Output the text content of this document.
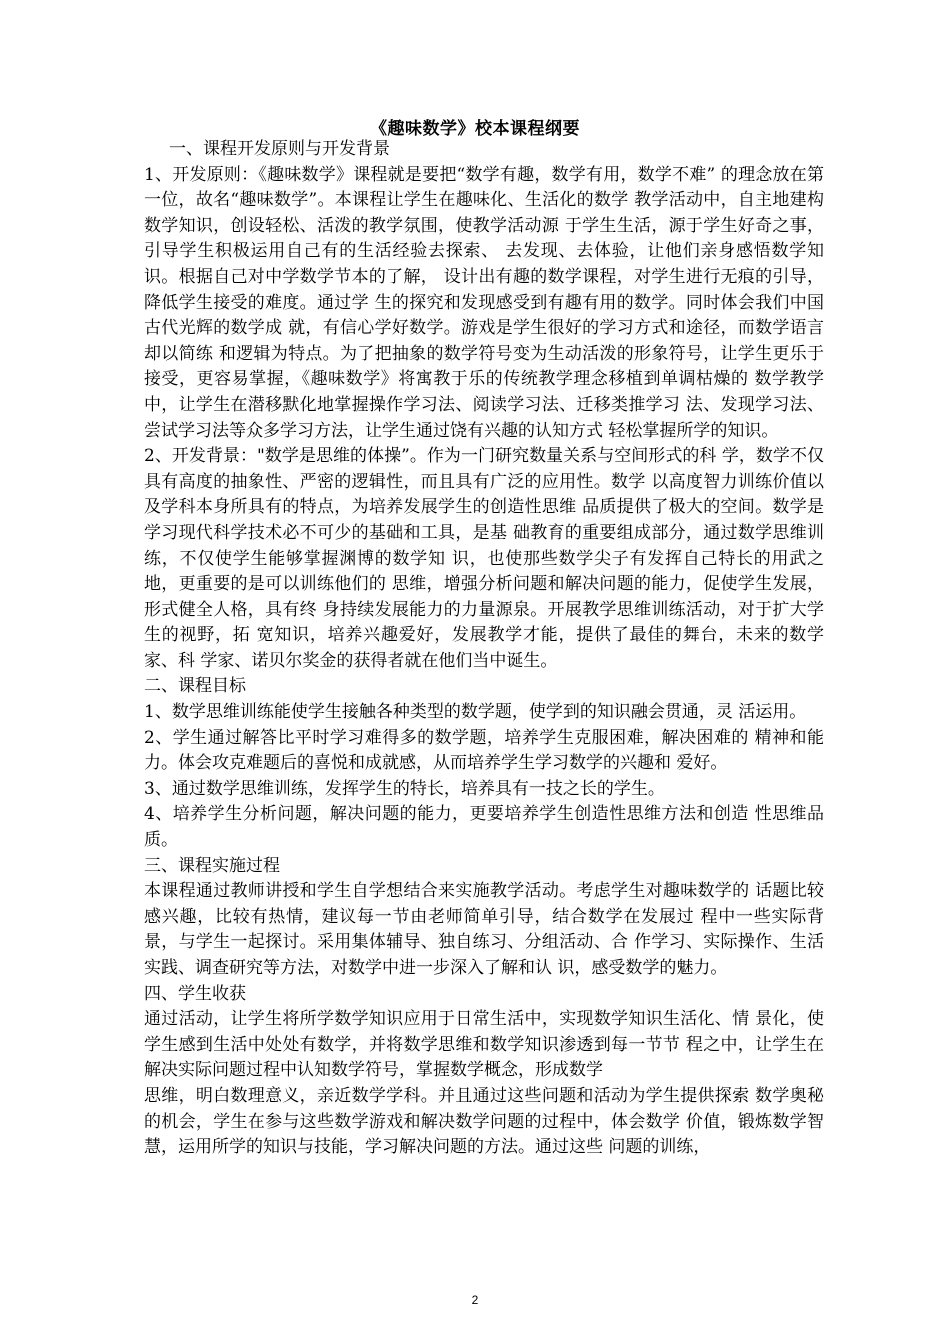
《趣味数学》校本课程纲要

一、课程开发原则与开发背景

1、开发原则：《趣味数学》课程就是要把“数学有趣，数学有用，数学不难” 的理念放在第一位，故名“趣味数学”。本课程让学生在趣味化、生活化的数学 教学活动中，自主地建构数学知识，创设轻松、活泼的教学氛围，使教学活动源 于学生生活，源于学生好奇之事，引导学生积极运用自己有的生活经验去探索、 去发现、去体验，让他们亲身感悟数学知识。根据自己对中学数学节本的了解， 设计出有趣的数学课程，对学生进行无痕的引导，降低学生接受的难度。通过学 生的探究和发现感受到有趣有用的数学。同时体会我们中国古代光辉的数学成 就，有信心学好数学。游戏是学生很好的学习方式和途径，而数学语言却以简练 和逻辑为特点。为了把抽象的数学符号变为生动活泼的形象符号，让学生更乐于 接受，更容易掌握，《趣味数学》将寓教于乐的传统教学理念移植到单调枯燥的 数学教学中，让学生在潜移默化地掌握操作学习法、阅读学习法、迁移类推学习 法、发现学习法、尝试学习法等众多学习方法，让学生通过饶有兴趣的认知方式 轻松掌握所学的知识。

2、开发背景："数学是思维的体操”。作为一门研究数量关系与空间形式的科 学，数学不仅具有高度的抽象性、严密的逻辑性，而且具有广泛的应用性。数学 以高度智力训练价值以及学科本身所具有的特点，为培养发展学生的创造性思维 品质提供了极大的空间。数学是学习现代科学技术必不可少的基础和工具，是基 础教育的重要组成部分，通过数学思维训练，不仅使学生能够掌握渊博的数学知 识，也使那些数学尖子有发挥自己特长的用武之地，更重要的是可以训练他们的 思维，增强分析问题和解决问题的能力，促使学生发展，形式健全人格，具有终 身持续发展能力的力量源泉。开展教学思维训练活动，对于扩大学生的视野，拓 宽知识，培养兴趣爱好，发展教学才能，提供了最佳的舞台，未来的数学家、科 学家、诺贝尔奖金的获得者就在他们当中诞生。

二、课程目标

1、数学思维训练能使学生接触各种类型的数学题，使学到的知识融会贯通，灵 活运用。

2、学生通过解答比平时学习难得多的数学题，培养学生克服困难，解决困难的 精神和能力。体会攻克难题后的喜悦和成就感，从而培养学生学习数学的兴趣和 爱好。

3、通过数学思维训练，发挥学生的特长，培养具有一技之长的学生。

4、培养学生分析问题，解决问题的能力，更要培养学生创造性思维方法和创造 性思维品质。

三、课程实施过程

本课程通过教师讲授和学生自学想结合来实施教学活动。考虑学生对趣味数学的 话题比较感兴趣，比较有热情，建议每一节由老师简单引导，结合数学在发展过 程中一些实际背景，与学生一起探讨。采用集体辅导、独自练习、分组活动、合 作学习、实际操作、生活实践、调查研究等方法，对数学中进一步深入了解和认 识，感受数学的魅力。

四、学生收获

通过活动，让学生将所学数学知识应用于日常生活中，实现数学知识生活化、情 景化，使学生感到生活中处处有数学，并将数学思维和数学知识渗透到每一节节 程之中，让学生在解决实际问题过程中认知数学符号，掌握数学概念，形成数学

思维，明白数理意义，亲近数学学科。并且通过这些问题和活动为学生提供探索 数学奥秘的机会，学生在参与这些数学游戏和解决数学问题的过程中，体会数学 价值，锻炼数学智慧，运用所学的知识与技能，学习解决问题的方法。通过这些 问题的训练，

2
